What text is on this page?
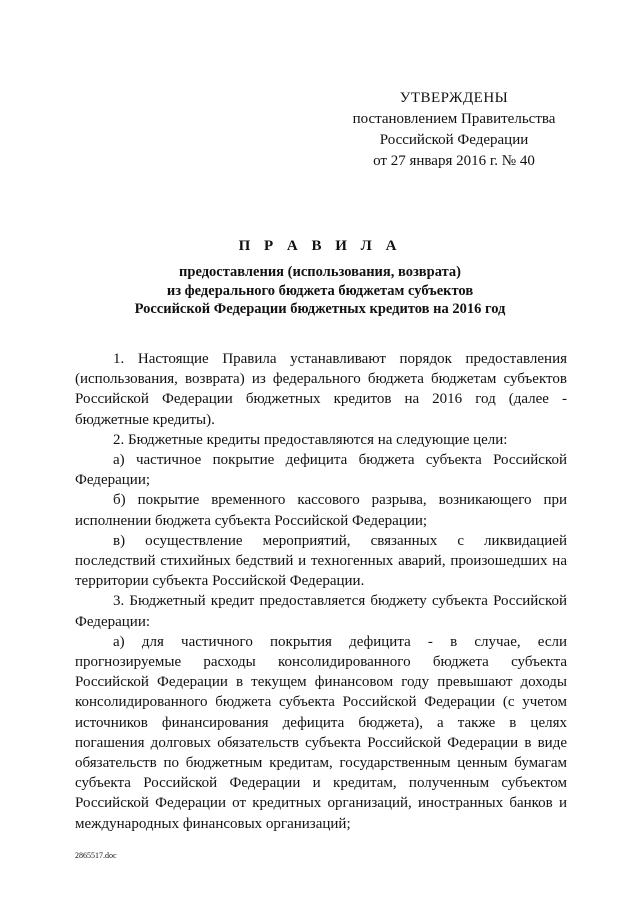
УТВЕРЖДЕНЫ
постановлением Правительства
Российской Федерации
от 27 января 2016 г. № 40
П Р А В И Л А
предоставления (использования, возврата)
из федерального бюджета бюджетам субъектов
Российской Федерации бюджетных кредитов на 2016 год

1. Настоящие Правила устанавливают порядок предоставления (использования, возврата) из федерального бюджета бюджетам субъектов Российской Федерации бюджетных кредитов на 2016 год (далее - бюджетные кредиты).

2. Бюджетные кредиты предоставляются на следующие цели:

а) частичное покрытие дефицита бюджета субъекта Российской Федерации;

б) покрытие временного кассового разрыва, возникающего при исполнении бюджета субъекта Российской Федерации;

в) осуществление мероприятий, связанных с ликвидацией последствий стихийных бедствий и техногенных аварий, произошедших на территории субъекта Российской Федерации.

3. Бюджетный кредит предоставляется бюджету субъекта Российской Федерации:

а) для частичного покрытия дефицита - в случае, если прогнозируемые расходы консолидированного бюджета субъекта Российской Федерации в текущем финансовом году превышают доходы консолидированного бюджета субъекта Российской Федерации (с учетом источников финансирования дефицита бюджета), а также в целях погашения долговых обязательств субъекта Российской Федерации в виде обязательств по бюджетным кредитам, государственным ценным бумагам субъекта Российской Федерации и кредитам, полученным субъектом Российской Федерации от кредитных организаций, иностранных банков и международных финансовых организаций;

2865517.doc
